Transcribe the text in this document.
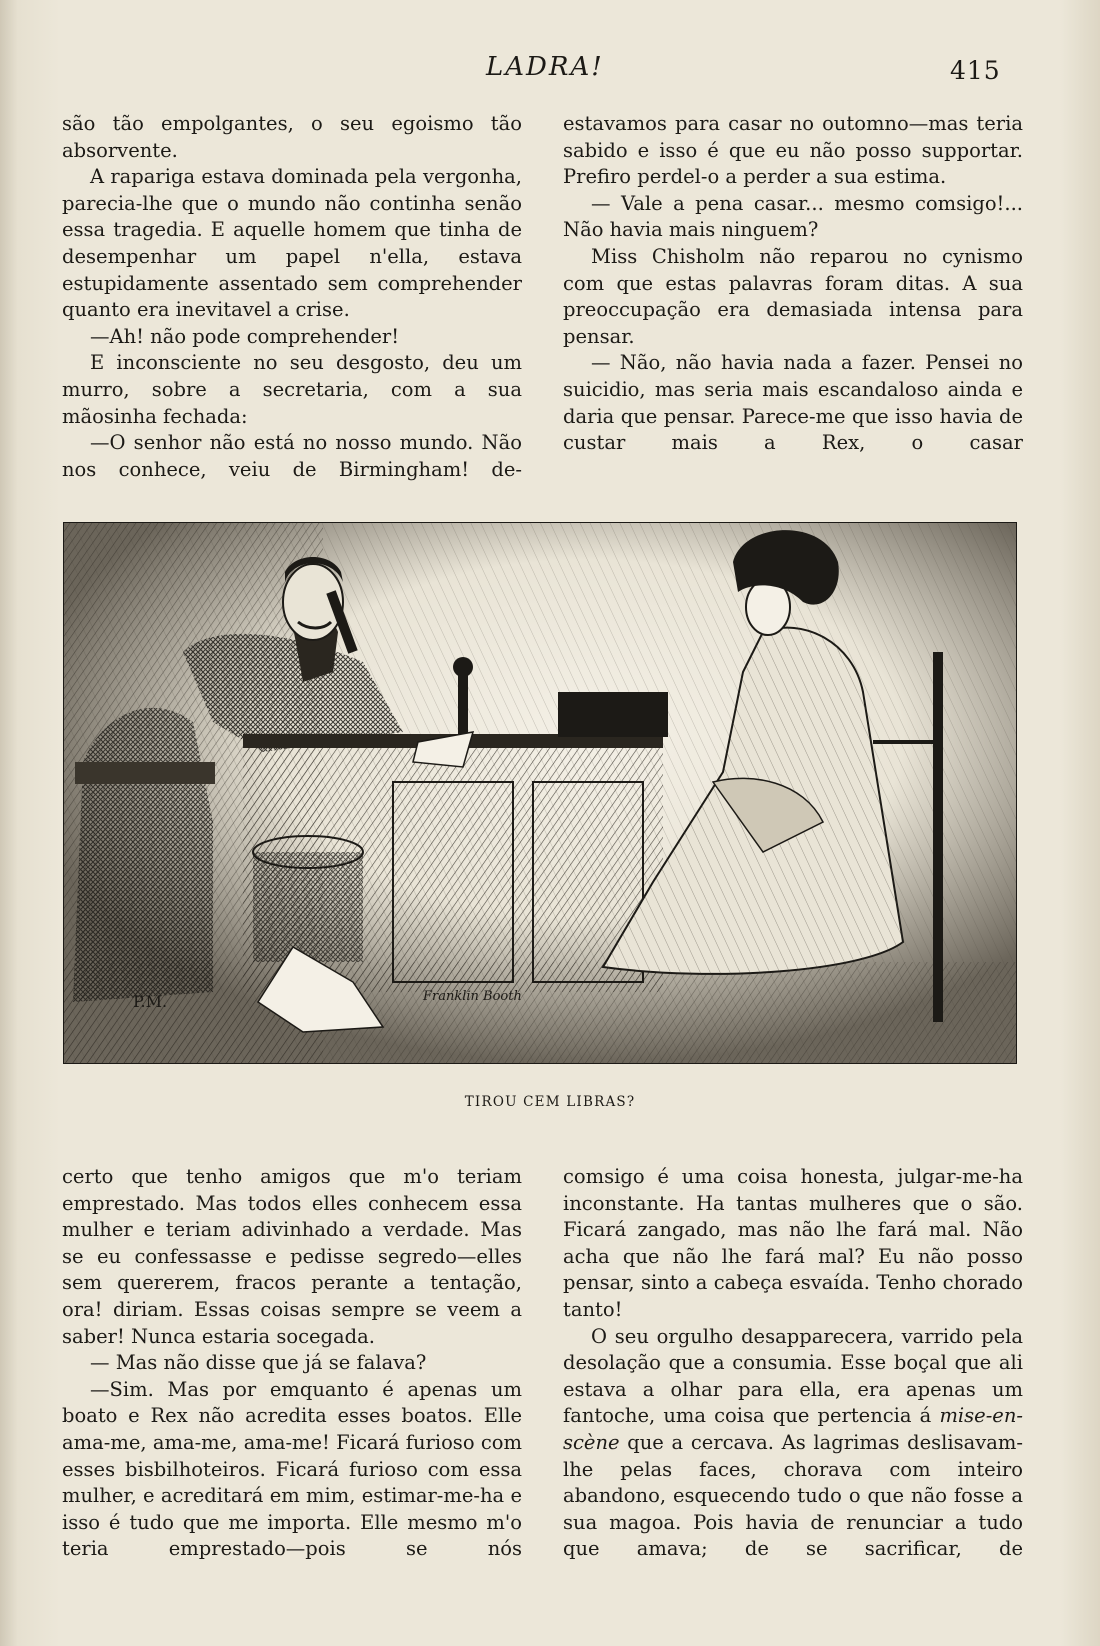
LADRA!	415

são tão empolgantes, o seu egoismo tão absorvente.

A rapariga estava dominada pela vergonha, parecia-lhe que o mundo não continha senão essa tragedia. E aquelle homem que tinha de desempenhar um papel n'ella, estava estupidamente assentado sem comprehender quanto era inevitavel a crise.

—Ah! não pode comprehender!

E inconsciente no seu desgosto, deu um murro, sobre a secretaria, com a sua mãosinha fechada:

—O senhor não está no nosso mundo. Não nos conhece, veiu de Birmingham! de-

estavamos para casar no outomno—mas teria sabido e isso é que eu não posso supportar. Prefiro perdel-o a perder a sua estima.

— Vale a pena casar... mesmo comsigo!... Não havia mais ninguem?

Miss Chisholm não reparou no cynismo com que estas palavras foram ditas. A sua preoccupação era demasiada intensa para pensar.

— Não, não havia nada a fazer. Pensei no suicidio, mas seria mais escandaloso ainda e daria que pensar. Parece-me que isso havia de custar mais a Rex, o casar

P.M.	Franklin Booth
TIROU CEM LIBRAS?

certo que tenho amigos que m'o teriam emprestado. Mas todos elles conhecem essa mulher e teriam adivinhado a verdade. Mas se eu confessasse e pedisse segredo—elles sem quererem, fracos perante a tentação, ora! diriam. Essas coisas sempre se veem a saber! Nunca estaria socegada.

— Mas não disse que já se falava?

—Sim. Mas por emquanto é apenas um boato e Rex não acredita esses boatos. Elle ama-me, ama-me, ama-me! Ficará furioso com esses bisbilhoteiros. Ficará furioso com essa mulher, e acreditará em mim, estimar-me-ha e isso é tudo que me importa. Elle mesmo m'o teria emprestado—pois se nós

comsigo é uma coisa honesta, julgar-me-ha inconstante. Ha tantas mulheres que o são. Ficará zangado, mas não lhe fará mal. Não acha que não lhe fará mal? Eu não posso pensar, sinto a cabeça esvaída. Tenho chorado tanto!

O seu orgulho desapparecera, varrido pela desolação que a consumia. Esse boçal que ali estava a olhar para ella, era apenas um fantoche, uma coisa que pertencia á mise-en-scène que a cercava. As lagrimas deslisavam-lhe pelas faces, chorava com inteiro abandono, esquecendo tudo o que não fosse a sua magoa. Pois havia de renunciar a tudo que amava; de se sacrificar, de
